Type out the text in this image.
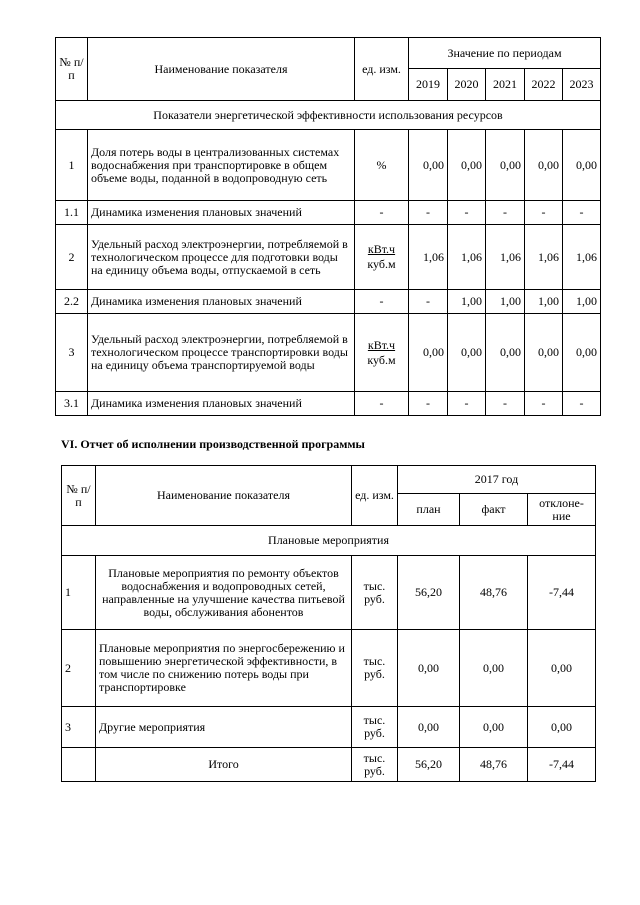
№ п/п	Наименование показателя	ед. изм.	Значение по периодам				
			2019	2020	2021	2022	2023
Показатели энергетической эффективности использования ресурсов							
1	Доля потерь воды в централизованных системах водоснабжения при транспортировке в общем объеме воды, поданной в водопроводную сеть	%	0,00	0,00	0,00	0,00	0,00
1.1	Динамика изменения плановых значений	-	-	-	-	-	-
2	Удельный расход электроэнергии, потребляемой в технологическом процессе для подготовки воды на единицу объема воды, отпускаемой в сеть	$\frac{\text{кВт.ч}}{\text{куб.м}}$	1,06	1,06	1,06	1,06	1,06
2.2	Динамика изменения плановых значений	-	-	1,00	1,00	1,00	1,00
3	Удельный расход электроэнергии, потребляемой в технологическом процессе транспортировки воды на единицу объема транспортируемой воды	$\frac{\text{кВт.ч}}{\text{куб.м}}$	0,00	0,00	0,00	0,00	0,00
3.1	Динамика изменения плановых значений	-	-	-	-	-	-
VI. Отчет об исполнении производственной программы
№ п/п	Наименование показателя	ед. изм.	2017 год		
			план	факт	отклоне-ние
Плановые мероприятия					
1	Плановые мероприятия по ремонту объектов водоснабжения и водопроводных сетей, направленные на улучшение качества питьевой воды, обслуживания абонентов	тыс. руб.	56,20	48,76	-7,44
2	Плановые мероприятия по энергосбережению и повышению энергетической эффективности, в том числе по снижению потерь воды при транспортировке	тыс. руб.	0,00	0,00	0,00
3	Другие мероприятия	тыс. руб.	0,00	0,00	0,00
	Итого	тыс. руб.	56,20	48,76	-7,44
